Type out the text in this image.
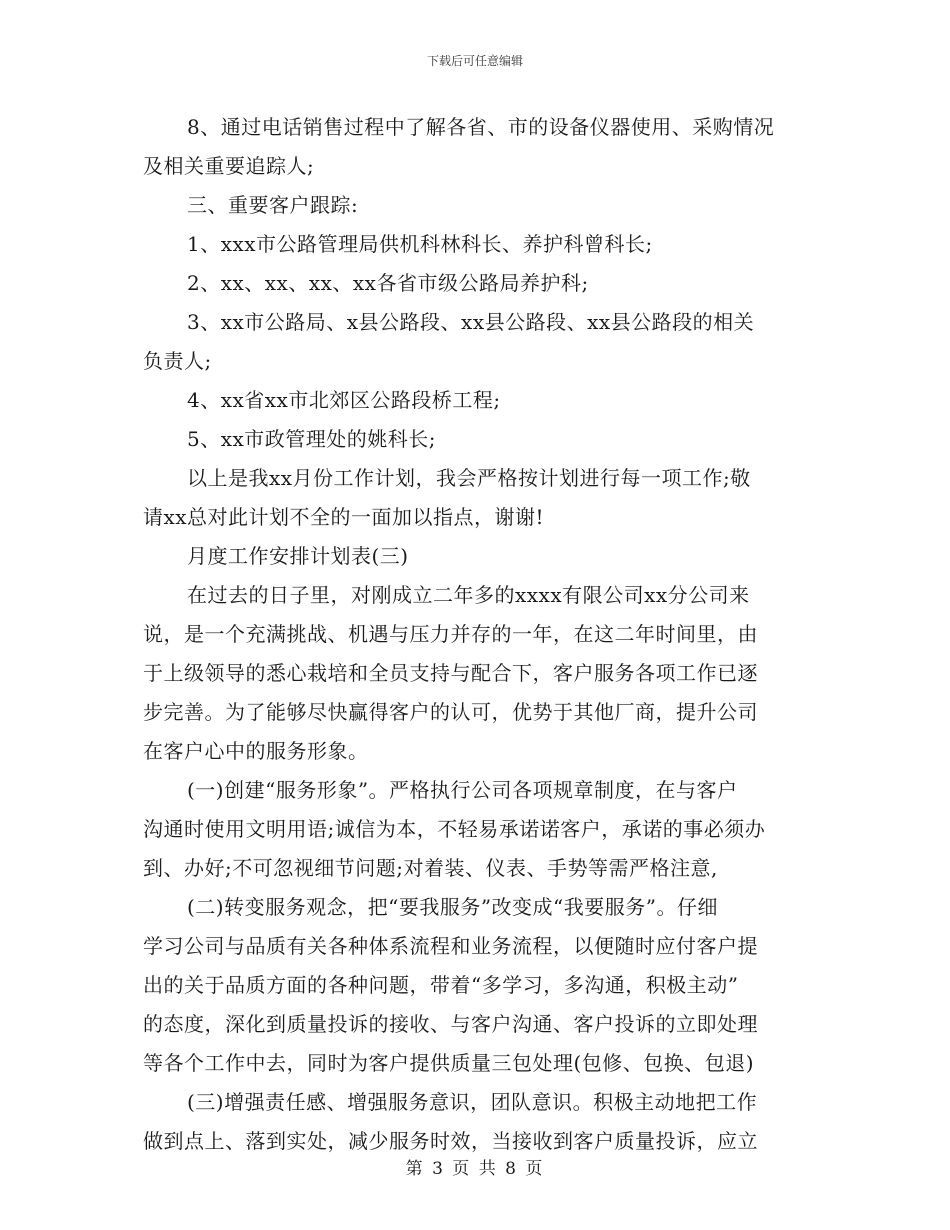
下载后可任意编辑
8、通过电话销售过程中了解各省、市的设备仪器使用、采购情况
及相关重要追踪人;
三、重要客户跟踪:
1、xxx市公路管理局供机科林科长、养护科曾科长;
2、xx、xx、xx、xx各省市级公路局养护科;
3、xx市公路局、x县公路段、xx县公路段、xx县公路段的相关
负责人;
4、xx省xx市北郊区公路段桥工程;
5、xx市政管理处的姚科长;
以上是我xx月份工作计划，我会严格按计划进行每一项工作;敬
请xx总对此计划不全的一面加以指点，谢谢!
月度工作安排计划表(三)
在过去的日子里，对刚成立二年多的xxxx有限公司xx分公司来
说，是一个充满挑战、机遇与压力并存的一年，在这二年时间里，由
于上级领导的悉心栽培和全员支持与配合下，客户服务各项工作已逐
步完善。为了能够尽快赢得客户的认可，优势于其他厂商，提升公司
在客户心中的服务形象。
(一)创建“服务形象”。严格执行公司各项规章制度，在与客户
沟通时使用文明用语;诚信为本，不轻易承诺诺客户，承诺的事必须办
到、办好;不可忽视细节问题;对着装、仪表、手势等需严格注意,
(二)转变服务观念，把“要我服务”改变成“我要服务”。仔细
学习公司与品质有关各种体系流程和业务流程，以便随时应付客户提
出的关于品质方面的各种问题，带着“多学习，多沟通，积极主动”
的态度，深化到质量投诉的接收、与客户沟通、客户投诉的立即处理
等各个工作中去，同时为客户提供质量三包处理(包修、包换、包退)
(三)增强责任感、增强服务意识，团队意识。积极主动地把工作
做到点上、落到实处，减少服务时效，当接收到客户质量投诉，应立
第 3 页 共 8 页
